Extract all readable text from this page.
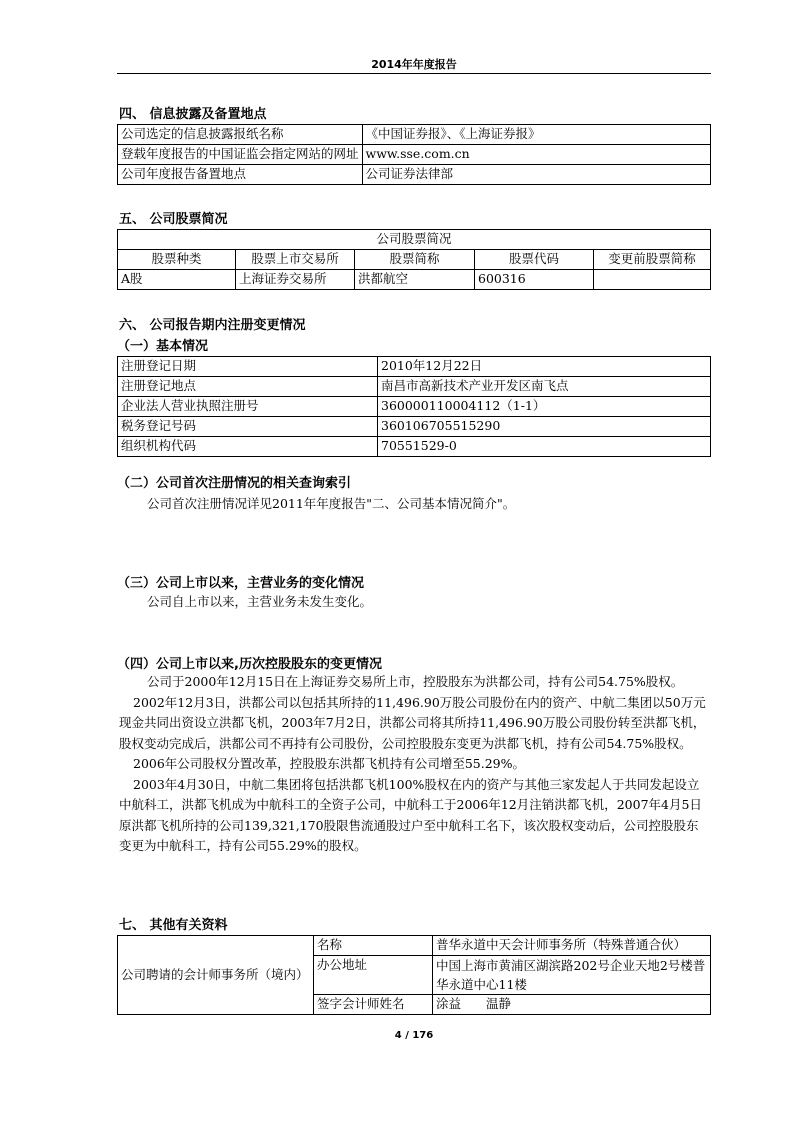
2014年年度报告
四、 信息披露及备置地点
公司选定的信息披露报纸名称	《中国证券报》、《上海证券报》
登载年度报告的中国证监会指定网站的网址	www.sse.com.cn
公司年度报告备置地点	公司证券法律部
五、 公司股票简况
公司股票简况				
股票种类	股票上市交易所	股票简称	股票代码	变更前股票简称
A股	上海证券交易所	洪都航空	600316	
六、 公司报告期内注册变更情况
（一）基本情况
注册登记日期	2010年12月22日
注册登记地点	南昌市高新技术产业开发区南飞点
企业法人营业执照注册号	360000110004112（1-1）
税务登记号码	360106705515290
组织机构代码	70551529-0
（二）公司首次注册情况的相关查询索引
公司首次注册情况详见2011年年度报告"二、公司基本情况简介"。
（三）公司上市以来，主营业务的变化情况
公司自上市以来，主营业务未发生变化。
（四）公司上市以来,历次控股股东的变更情况
公司于2000年12月15日在上海证券交易所上市，控股股东为洪都公司，持有公司54.75%股权。
2002年12月3日，洪都公司以包括其所持的11,496.90万股公司股份在内的资产、中航二集团以50万元现金共同出资设立洪都飞机，2003年7月2日，洪都公司将其所持11,496.90万股公司股份转至洪都飞机，股权变动完成后，洪都公司不再持有公司股份，公司控股股东变更为洪都飞机，持有公司54.75%股权。
2006年公司股权分置改革，控股股东洪都飞机持有公司增至55.29%。
2003年4月30日，中航二集团将包括洪都飞机100%股权在内的资产与其他三家发起人于共同发起设立中航科工，洪都飞机成为中航科工的全资子公司，中航科工于2006年12月注销洪都飞机，2007年4月5日原洪都飞机所持的公司139,321,170股限售流通股过户至中航科工名下，该次股权变动后，公司控股股东变更为中航科工，持有公司55.29%的股权。
七、 其他有关资料
公司聘请的会计师事务所（境内）	名称	普华永道中天会计师事务所（特殊普通合伙）
	办公地址	中国上海市黄浦区湖滨路202号企业天地2号楼普华永道中心11楼
	签字会计师姓名	涂益　　温静
4 / 176
